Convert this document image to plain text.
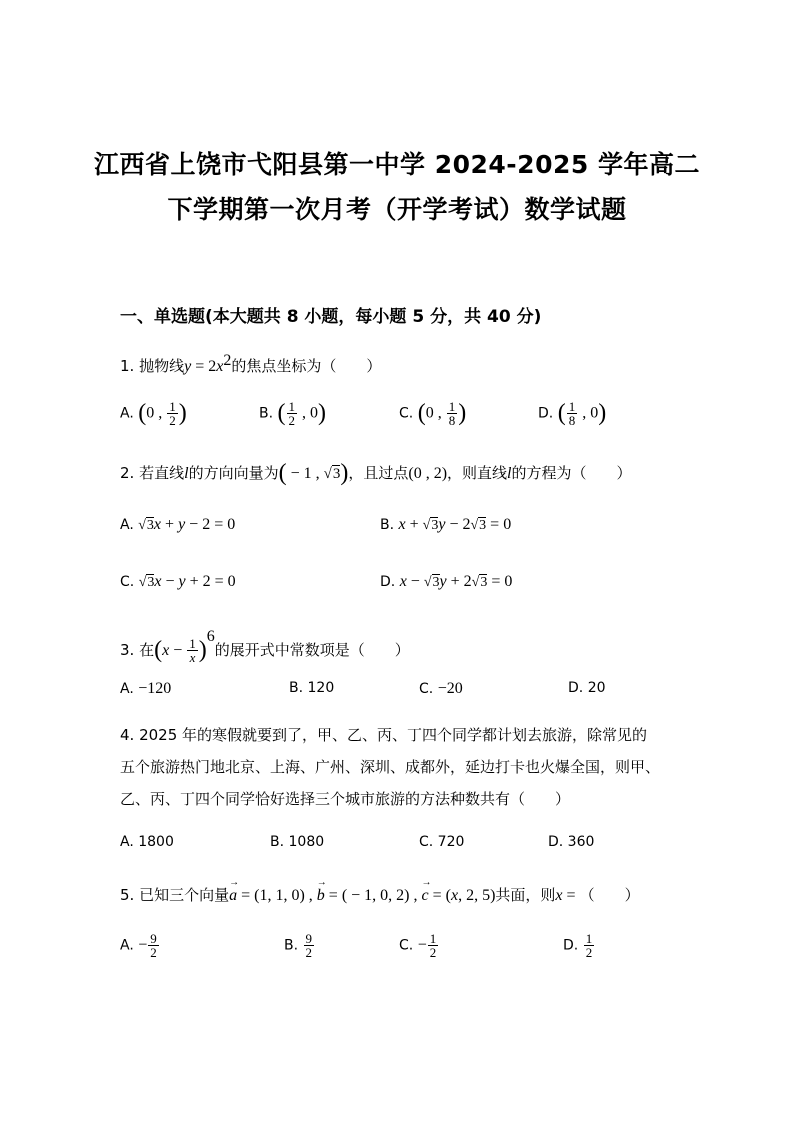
江西省上饶市弋阳县第一中学 2024-2025 学年高二
下学期第一次月考（开学考试）数学试题
一、单选题(本大题共 8 小题，每小题 5 分，共 40 分)
1. 抛物线$y = 2x^2$的焦点坐标为（　　）
A. (0 , $\frac{1}{2}$ )	B. ( $\frac{1}{2}$ , 0)	C. (0 , $\frac{1}{8}$ )	D. ( $\frac{1}{8}$ , 0)
2. 若直线l的方向向量为( − 1 , √3)，且过点(0 , 2)，则直线l的方程为（　　）
A. √3x + y − 2 = 0	B. x + √3y − 2√3 = 0
C. √3x − y + 2 = 0	D. x − √3y + 2√3 = 0
3. 在$(x - \frac{1}{x} )^6$的展开式中常数项是（　　）
A. −120	B. 120	C. −20	D. 20
4. 2025 年的寒假就要到了，甲、乙、丙、丁四个同学都计划去旅游，除常见的
五个旅游热门地北京、上海、广州、深圳、成都外，延边打卡也火爆全国，则甲、
乙、丙、丁四个同学恰好选择三个城市旅游的方法种数共有（　　）
A. 1800	B. 1080	C. 720	D. 360
5. 已知三个向量→ a = (1, 1, 0) , → b = ( − 1, 0, 2) , → c = (x, 2, 5)共面，则x = （　　）
A. − $\frac{9}{2}$	B. $\frac{9}{2}$	C. − $\frac{1}{2}$	D. $\frac{1}{2}$
